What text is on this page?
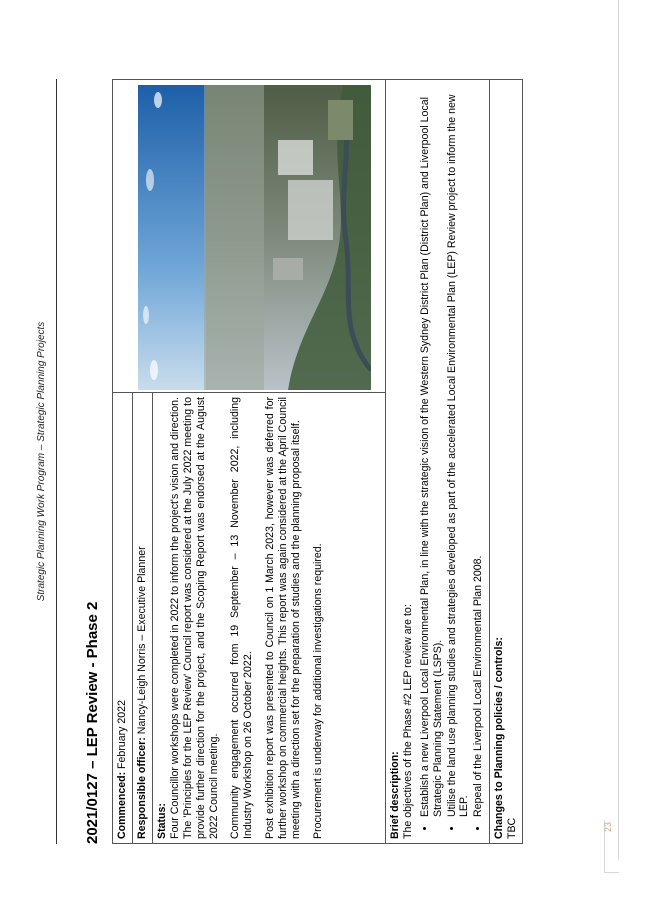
23
Strategic Planning Work Program – Strategic Planning Projects
2021/0127 – LEP Review - Phase 2 Commenced: February 2022	

Responsible officer: Nancy-Leigh Norris – Executive Planner

Status: Four Councillor workshops were completed in 2022 to inform the project's vision and direction. The 'Principles for the LEP Review' Council report was considered at the July 2022 meeting to provide further direction for the project, and the Scoping Report was endorsed at the August 2022 Council meeting. Community engagement occurred from 19 September – 13 November 2022, including Industry Workshop on 26 October 2022. Post exhibition report was presented to Council on 1 March 2023, however was deferred for further workshop on commercial heights. This report was again considered at the April Council meeting with a direction set for the preparation of studies and the planning proposal itself. Procurement is underway for additional investigations required.

Brief description: The objectives of the Phase #2 LEP review are to: • Establish a new Liverpool Local Environmental Plan, in line with the strategic vision of the Western Sydney District Plan (District Plan) and Liverpool Local Strategic Planning Statement (LSPS). • Utilise the land use planning studies and strategies developed as part of the accelerated Local Environmental Plan (LEP) Review project to inform the new LEP. • Repeal of the Liverpool Local Environmental Plan 2008.

Changes to Planning policies / controls: TBC
